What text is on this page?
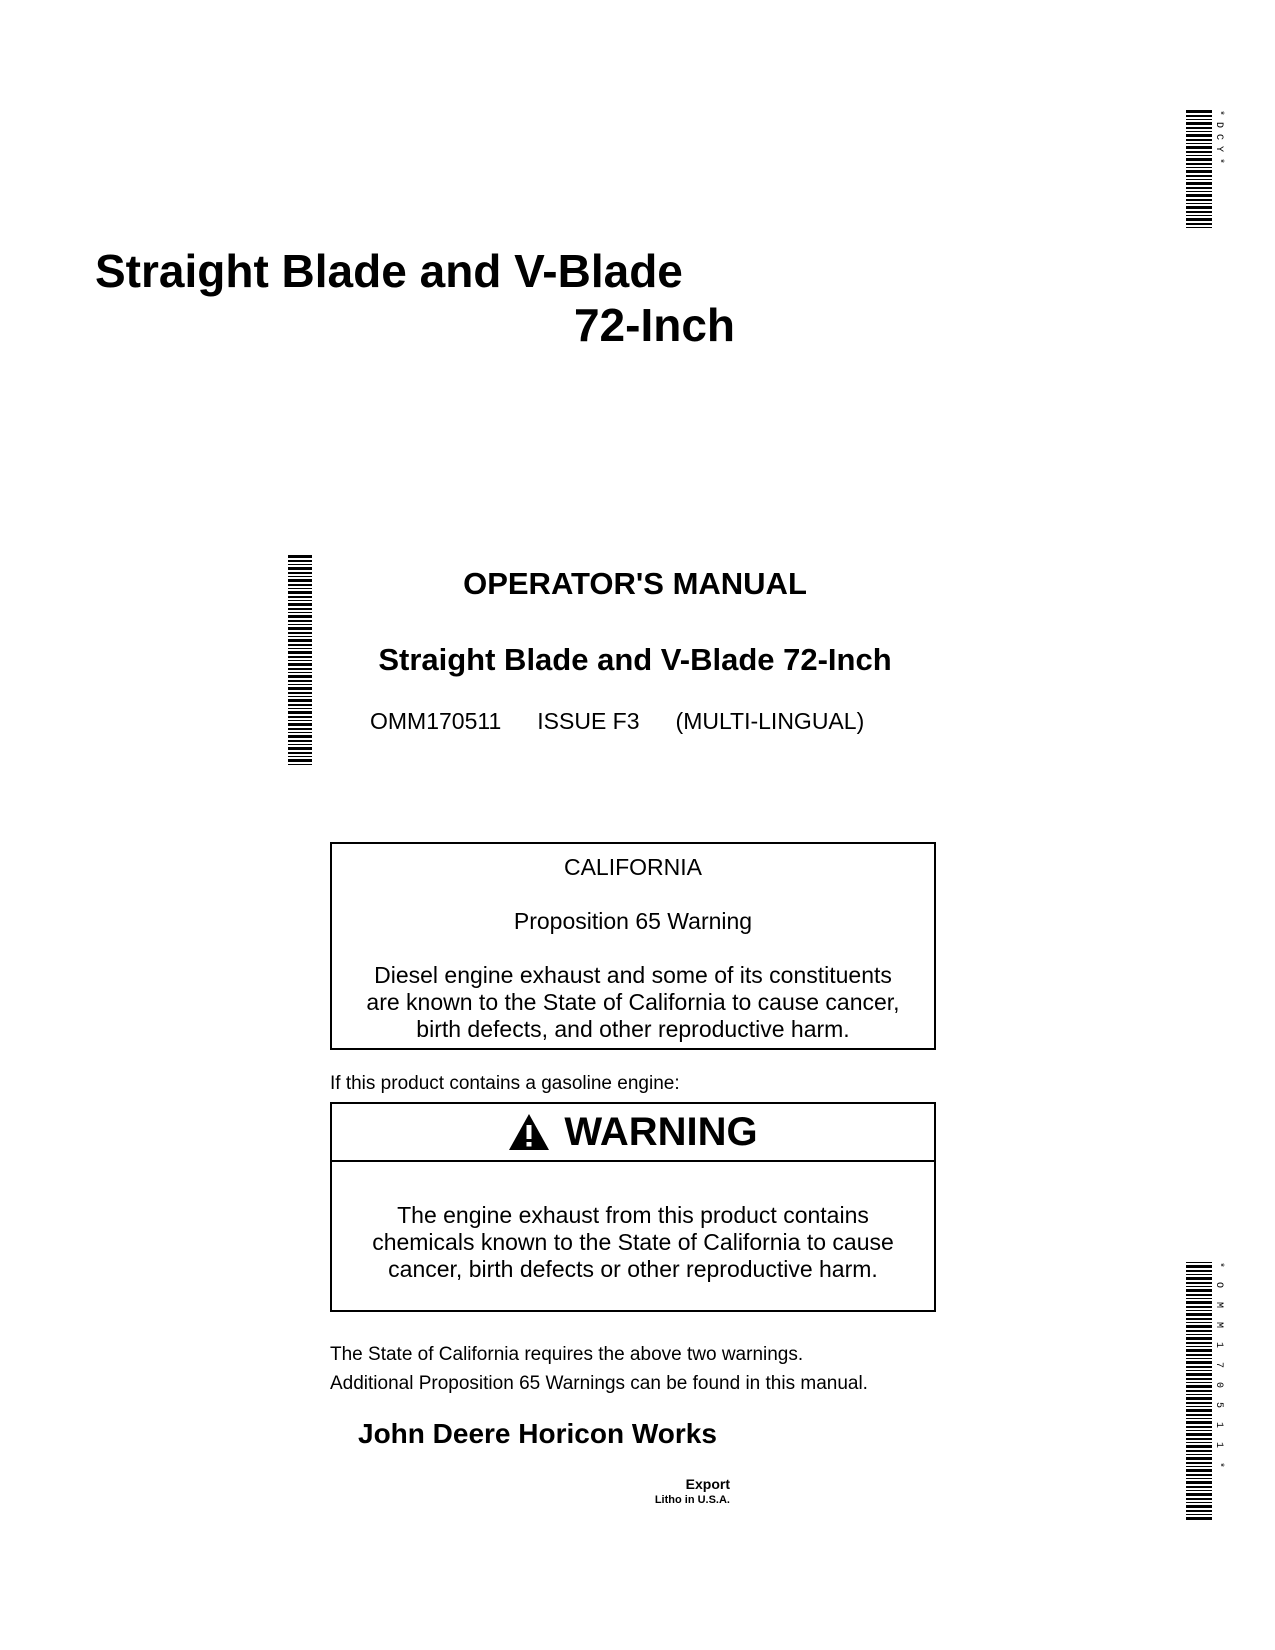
Straight Blade and V-Blade
72-Inch
OPERATOR'S MANUAL
Straight Blade and V-Blade 72-Inch
OMM170511 ISSUE F3 (MULTI-LINGUAL)
CALIFORNIA
Proposition 65 Warning
Diesel engine exhaust and some of its constituents
are known to the State of California to cause cancer,
birth defects, and other reproductive harm.
If this product contains a gasoline engine:
WARNING
The engine exhaust from this product contains
chemicals known to the State of California to cause
cancer, birth defects or other reproductive harm.
The State of California requires the above two warnings.
Additional Proposition 65 Warnings can be found in this manual.
John Deere Horicon Works
Export
Litho in U.S.A.
* D C Y *
* O M M 1 7 0 5 1 1 *
